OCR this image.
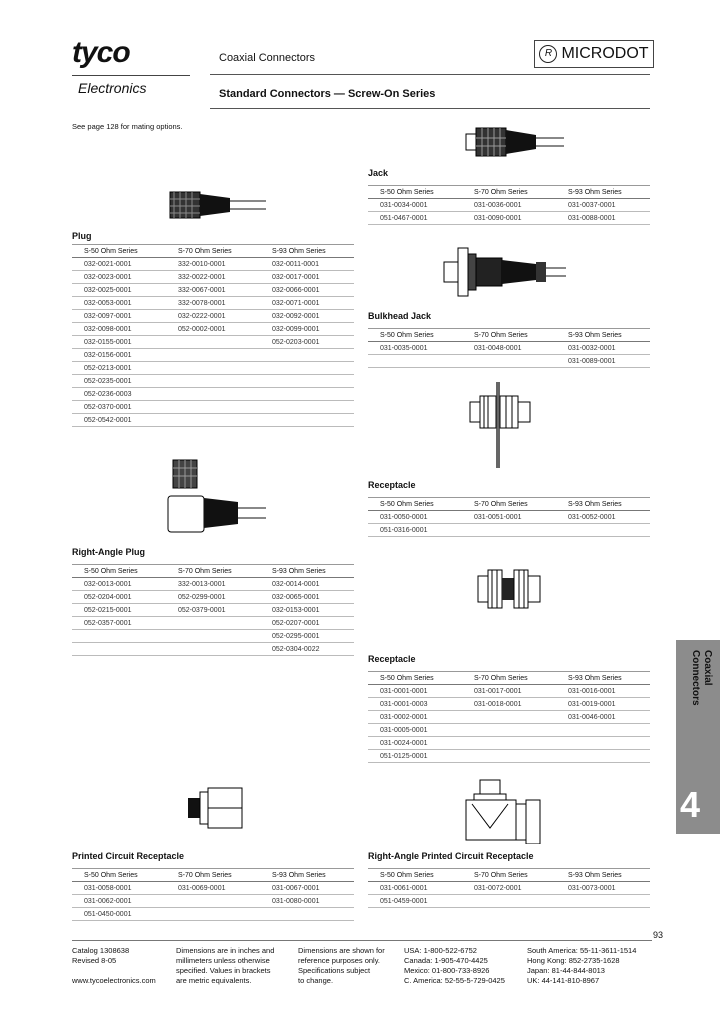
tyco
Electronics
Coaxial Connectors
Standard Connectors — Screw-On Series
R MICRODOT
See page 128 for mating options.
Plug
S-50 Ohm Series	S-70 Ohm Series	S-93 Ohm Series
032-0021-0001	332-0010-0001	032-0011-0001
032-0023-0001	332-0022-0001	032-0017-0001
032-0025-0001	332-0067-0001	032-0066-0001
032-0053-0001	332-0078-0001	032-0071-0001
032-0097-0001	032-0222-0001	032-0092-0001
032-0098-0001	052-0002-0001	032-0099-0001
032-0155-0001		052-0203-0001
032-0156-0001		
052-0213-0001		
052-0235-0001		
052-0236-0003		
052-0370-0001		
052-0542-0001		
Right-Angle Plug
S-50 Ohm Series	S-70 Ohm Series	S-93 Ohm Series
032-0013-0001	332-0013-0001	032-0014-0001
052-0204-0001	052-0299-0001	032-0065-0001
052-0215-0001	052-0379-0001	032-0153-0001
052-0357-0001		052-0207-0001
		052-0295-0001
		052-0304-0022
Printed Circuit Receptacle
S-50 Ohm Series	S-70 Ohm Series	S-93 Ohm Series
031-0058-0001	031-0069-0001	031-0067-0001
031-0062-0001		031-0080-0001
051-0450-0001		
Jack
S-50 Ohm Series	S-70 Ohm Series	S-93 Ohm Series
031-0034-0001	031-0036-0001	031-0037-0001
051-0467-0001	031-0090-0001	031-0088-0001
Bulkhead Jack
S-50 Ohm Series	S-70 Ohm Series	S-93 Ohm Series
031-0035-0001	031-0048-0001	031-0032-0001
		031-0089-0001
Receptacle
S-50 Ohm Series	S-70 Ohm Series	S-93 Ohm Series
031-0050-0001	031-0051-0001	031-0052-0001
051-0316-0001		
Receptacle
S-50 Ohm Series	S-70 Ohm Series	S-93 Ohm Series
031-0001-0001	031-0017-0001	031-0016-0001
031-0001-0003	031-0018-0001	031-0019-0001
031-0002-0001		031-0046-0001
031-0005-0001		
031-0024-0001		
051-0125-0001		
Right-Angle Printed Circuit Receptacle
S-50 Ohm Series	S-70 Ohm Series	S-93 Ohm Series
031-0061-0001	031-0072-0001	031-0073-0001
051-0459-0001		
Coaxial Connectors
4
93
Catalog 1308638
Revised 8-05
www.tycoelectronics.com
Dimensions are in inches and
millimeters unless otherwise
specified. Values in brackets
are metric equivalents.
Dimensions are shown for
reference purposes only.
Specifications subject
to change.
USA: 1-800-522-6752
Canada: 1-905-470-4425
Mexico: 01-800-733-8926
C. America: 52-55-5-729-0425
South America: 55-11-3611-1514
Hong Kong: 852-2735-1628
Japan: 81-44-844-8013
UK: 44-141-810-8967
